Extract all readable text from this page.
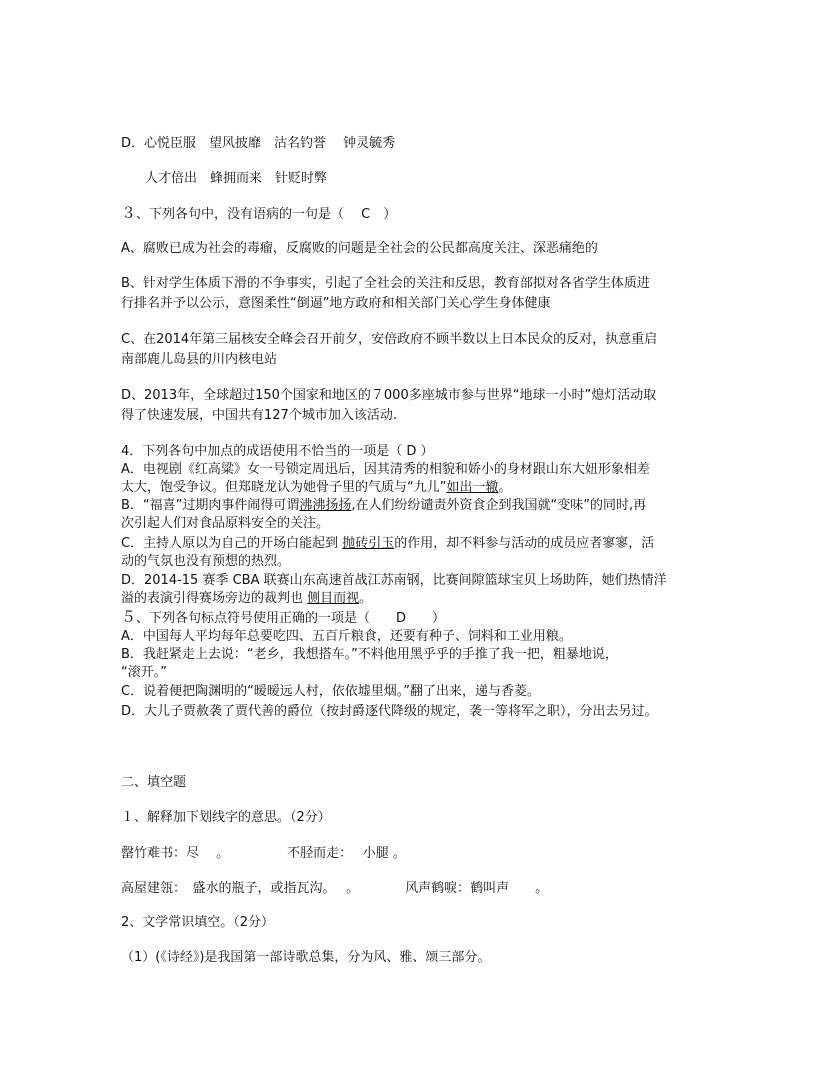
D．心悦臣服　望风披靡　沽名钓誉　 钟灵毓秀
人才倍出　蜂拥而来　针贬时弊
３、下列各句中，没有语病的一句是（　 C　）
A、腐败已成为社会的毒瘤，反腐败的问题是全社会的公民都高度关注、深恶痛绝的
B、针对学生体质下滑的不争事实，引起了全社会的关注和反思，教育部拟对各省学生体质进
行排名并予以公示，意图柔性“倒逼”地方政府和相关部门关心学生身体健康
C、在2014年第三届核安全峰会召开前夕，安倍政府不顾半数以上日本民众的反对，执意重启
南部鹿儿岛县的川内核电站
D、2013年，全球超过150个国家和地区的７000多座城市参与世界“地球一小时”熄灯活动取
得了快速发展，中国共有127个城市加入该活动.
4．下列各句中加点的成语使用不恰当的一项是（ D ）
A．电视剧《红高粱》女一号锁定周迅后，因其清秀的相貌和娇小的身材跟山东大妞形象相差
太大，饱受争议。但郑晓龙认为她骨子里的气质与“九儿”如出一辙。
B．“福喜”过期肉事件闹得可谓沸沸扬扬,在人们纷纷谴责外资食企到我国就“变味”的同时,再
次引起人们对食品原料安全的关注。
C．主持人原以为自己的开场白能起到 抛砖引玉的作用，却不料参与活动的成员应者寥寥，活
动的气氛也没有预想的热烈。
D．2014-15 赛季 CBA 联赛山东高速首战江苏南钢，比赛间隙篮球宝贝上场助阵，她们热情洋
溢的表演引得赛场旁边的裁判也 侧目而视。
５、下列各句标点符号使用正确的一项是（　　D　　）
A．中国每人平均每年总要吃四、五百斤粮食，还要有种子、饲料和工业用粮。
B．我赶紧走上去说：“老乡，我想搭车。”不料他用黑乎乎的手推了我一把，粗暴地说，
“滚开。”
C．说着便把陶渊明的“暧暧远人村，依依墟里烟。”翻了出来，递与香菱。
D．大儿子贾赦袭了贾代善的爵位（按封爵逐代降级的规定，袭一等将军之职），分出去另过。
二、填空题
１、解释加下划线字的意思。（2分）
罄竹难书：尽　 。	不胫而走：　 小腿 。
高屋建瓴：　盛水的瓶子，或指瓦沟。　 。	风声鹤唳：鹤叫声　　。
2、文学常识填空。（2分）
（1）(《诗经》)是我国第一部诗歌总集，分为风、雅、颂三部分。
